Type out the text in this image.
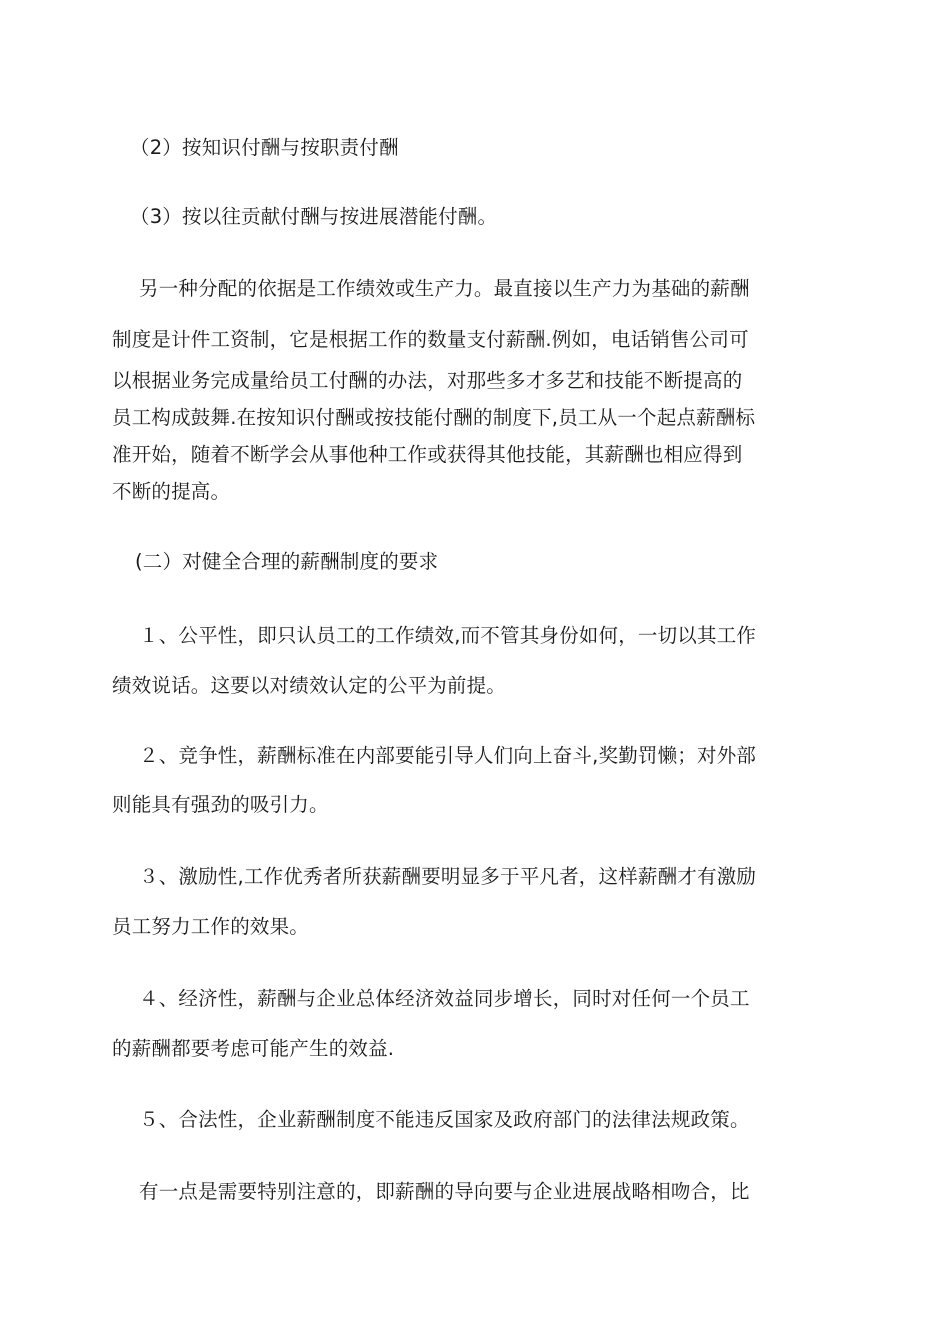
（2）按知识付酬与按职责付酬
（3）按以往贡献付酬与按进展潜能付酬。
另一种分配的依据是工作绩效或生产力。最直接以生产力为基础的薪酬
制度是计件工资制，它是根据工作的数量支付薪酬.例如，电话销售公司可
以根据业务完成量给员工付酬的办法，对那些多才多艺和技能不断提高的
员工构成鼓舞.在按知识付酬或按技能付酬的制度下,员工从一个起点薪酬标
准开始，随着不断学会从事他种工作或获得其他技能，其薪酬也相应得到
不断的提高。
(二）对健全合理的薪酬制度的要求
１、公平性，即只认员工的工作绩效,而不管其身份如何，一切以其工作
绩效说话。这要以对绩效认定的公平为前提。
２、竞争性，薪酬标准在内部要能引导人们向上奋斗,奖勤罚懒；对外部
则能具有强劲的吸引力。
３、激励性,工作优秀者所获薪酬要明显多于平凡者，这样薪酬才有激励
员工努力工作的效果。
４、经济性，薪酬与企业总体经济效益同步增长，同时对任何一个员工
的薪酬都要考虑可能产生的效益.
５、合法性，企业薪酬制度不能违反国家及政府部门的法律法规政策。
有一点是需要特别注意的，即薪酬的导向要与企业进展战略相吻合，比
